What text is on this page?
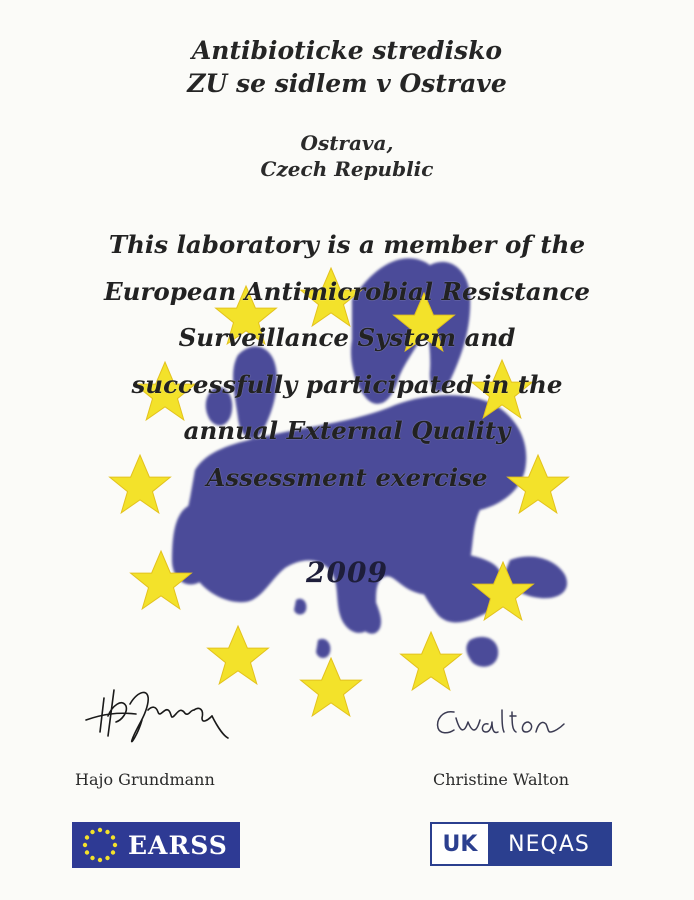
Antibioticke stredisko
ZU se sidlem v Ostrave
Ostrava,
Czech Republic
This laboratory is a member of the
European Antimicrobial Resistance
Surveillance System and
successfully participated in the
annual External Quality
Assessment exercise
2009
Hajo Grundmann	Christine Walton
EARSS	UK	NEQAS
